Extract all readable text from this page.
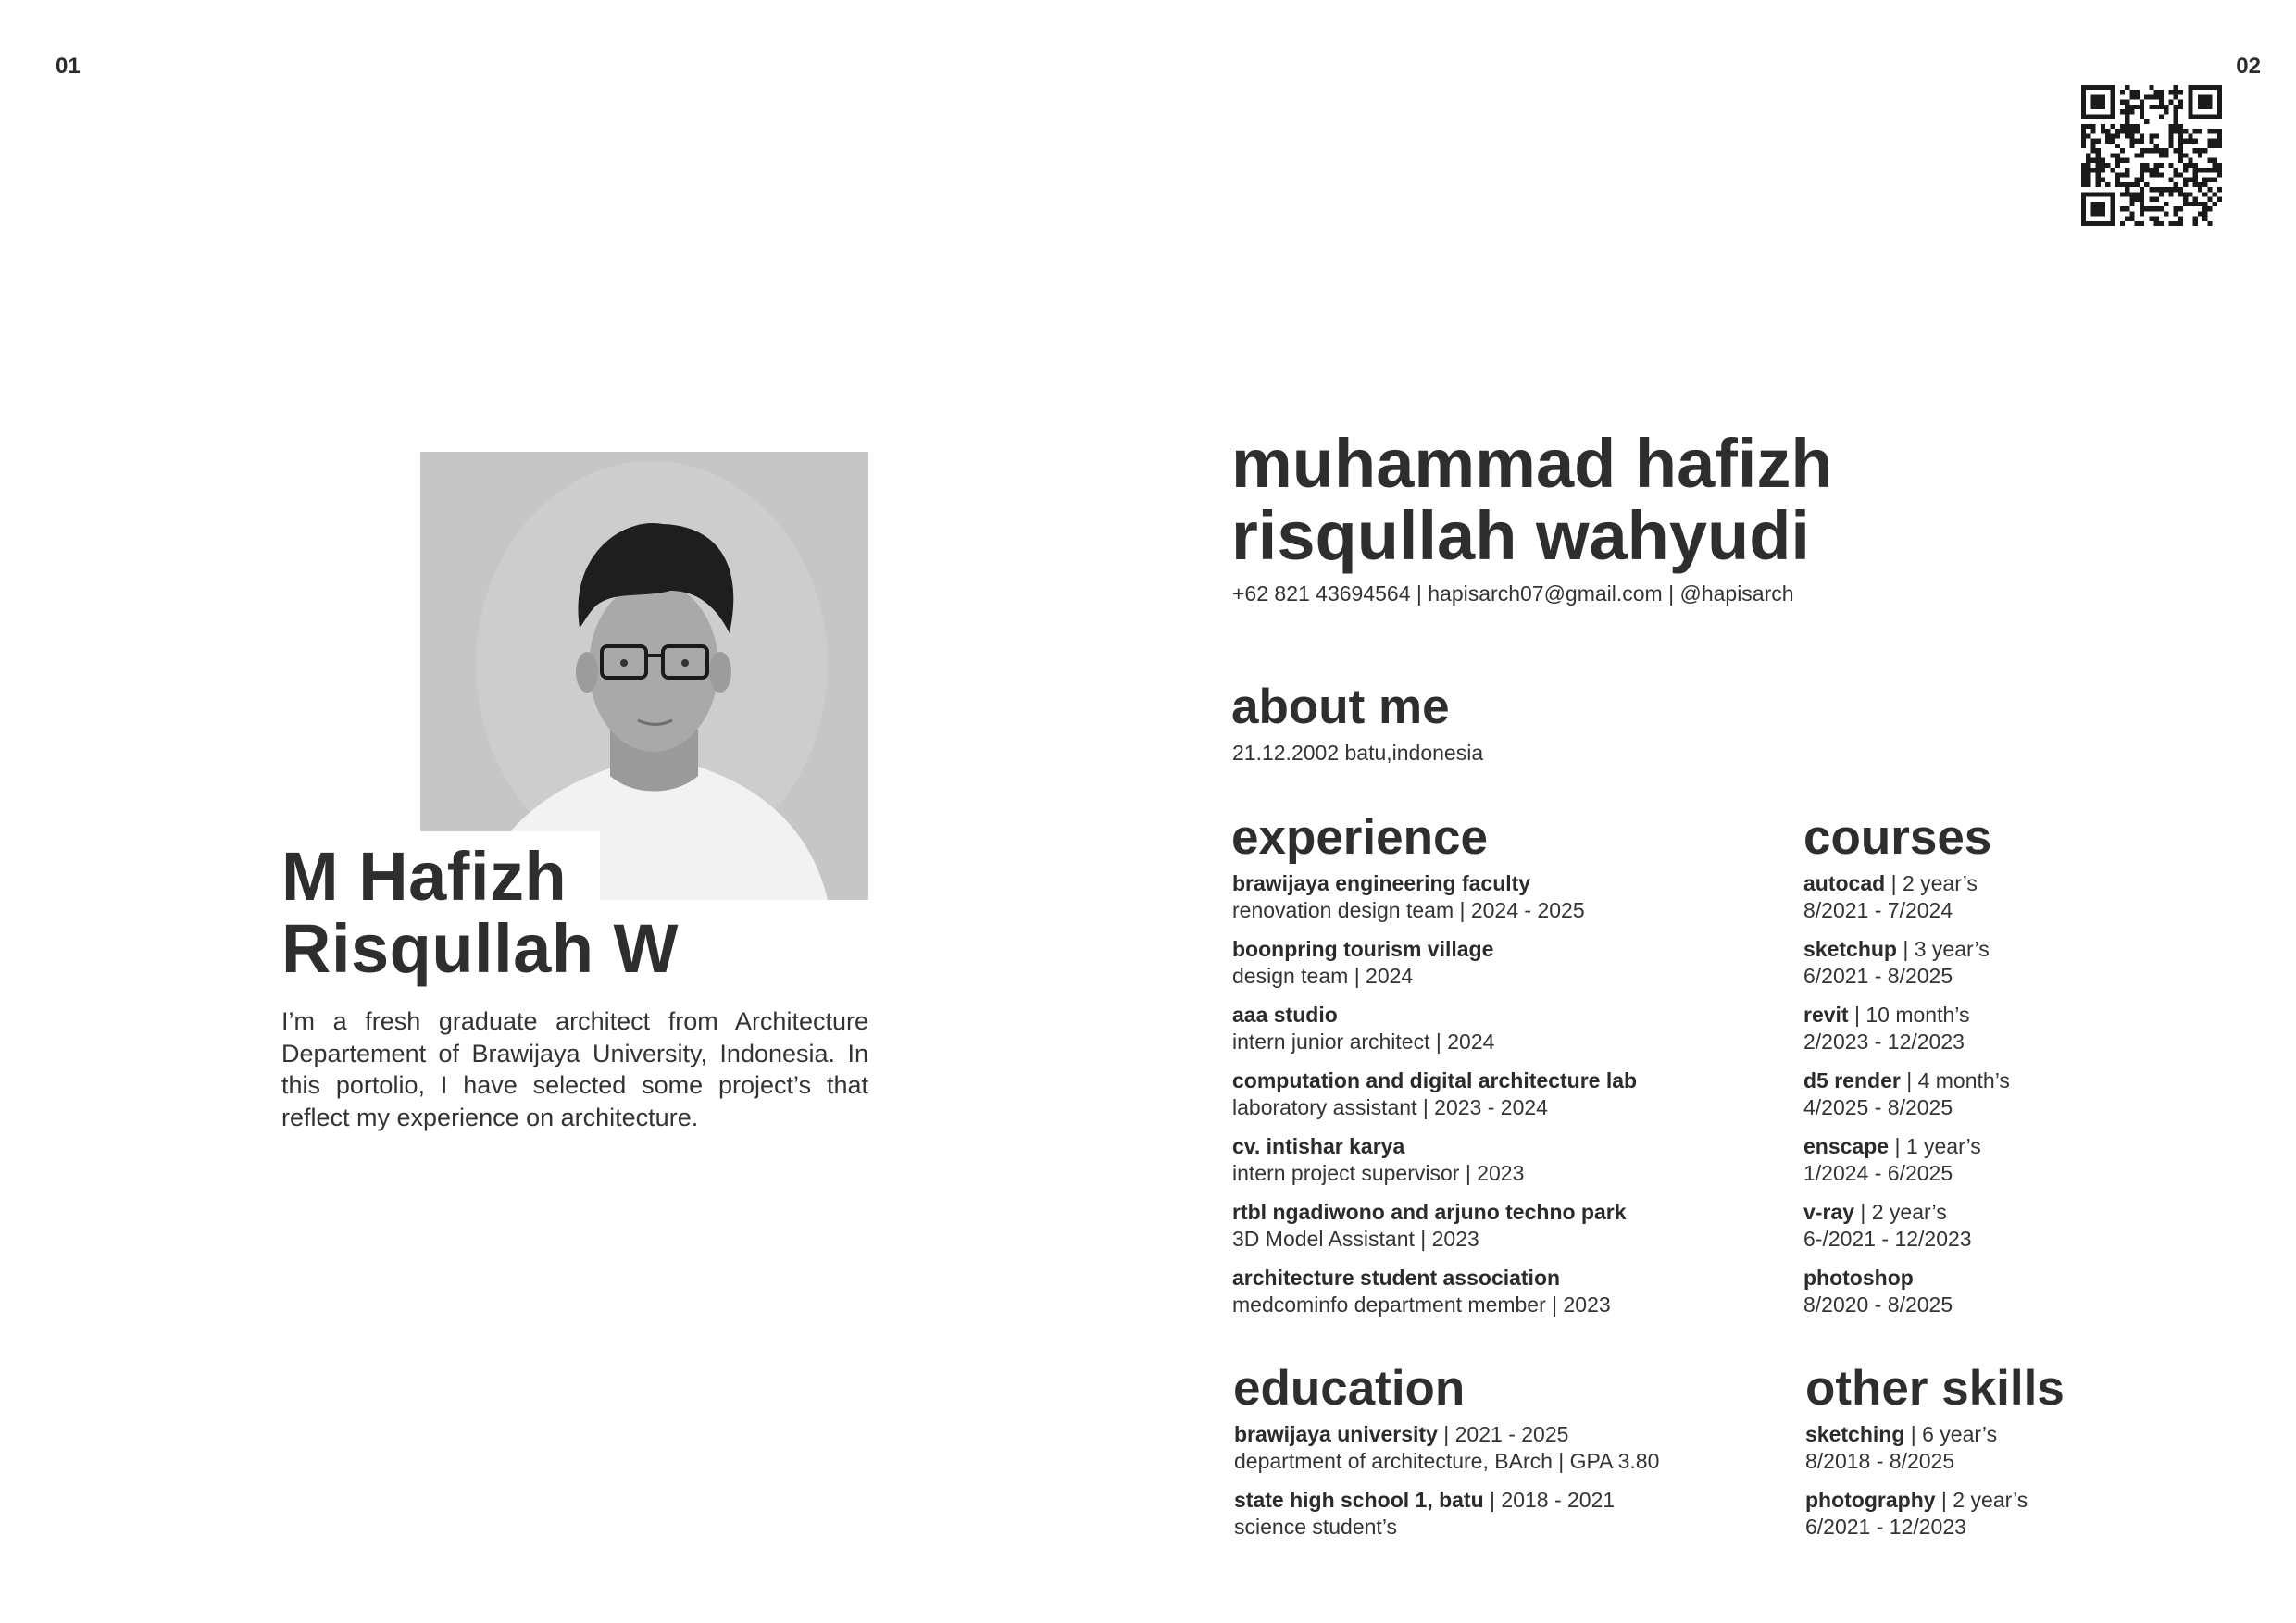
01	02
M Hafizh
Risqullah W

I’m a fresh graduate architect from Architecture Departement of Brawijaya University, Indonesia. In this portolio, I have selected some project’s that reflect my experience on architecture.

muhammad hafizh
risqullah wahyudi
+62 821 43694564 | hapisarch07@gmail.com | @hapisarch
about me
21.12.2002 batu,indonesia
experience
brawijaya engineering faculty
renovation design team | 2024 - 2025
boonpring tourism village
design team | 2024
aaa studio
intern junior architect | 2024
computation and digital architecture lab
laboratory assistant | 2023 - 2024
cv. intishar karya
intern project supervisor | 2023
rtbl ngadiwono and arjuno techno park
3D Model Assistant | 2023
architecture student association
medcominfo department member | 2023
courses
autocad | 2 year’s
8/2021 - 7/2024
sketchup | 3 year’s
6/2021 - 8/2025
revit | 10 month’s
2/2023 - 12/2023
d5 render | 4 month’s
4/2025 - 8/2025
enscape | 1 year’s
1/2024 - 6/2025
v-ray | 2 year’s
6-/2021 - 12/2023
photoshop
8/2020 - 8/2025
education
brawijaya university | 2021 - 2025
department of architecture, BArch | GPA 3.80
state high school 1, batu | 2018 - 2021
science student’s
other skills
sketching | 6 year’s
8/2018 - 8/2025
photography | 2 year’s
6/2021 - 12/2023
